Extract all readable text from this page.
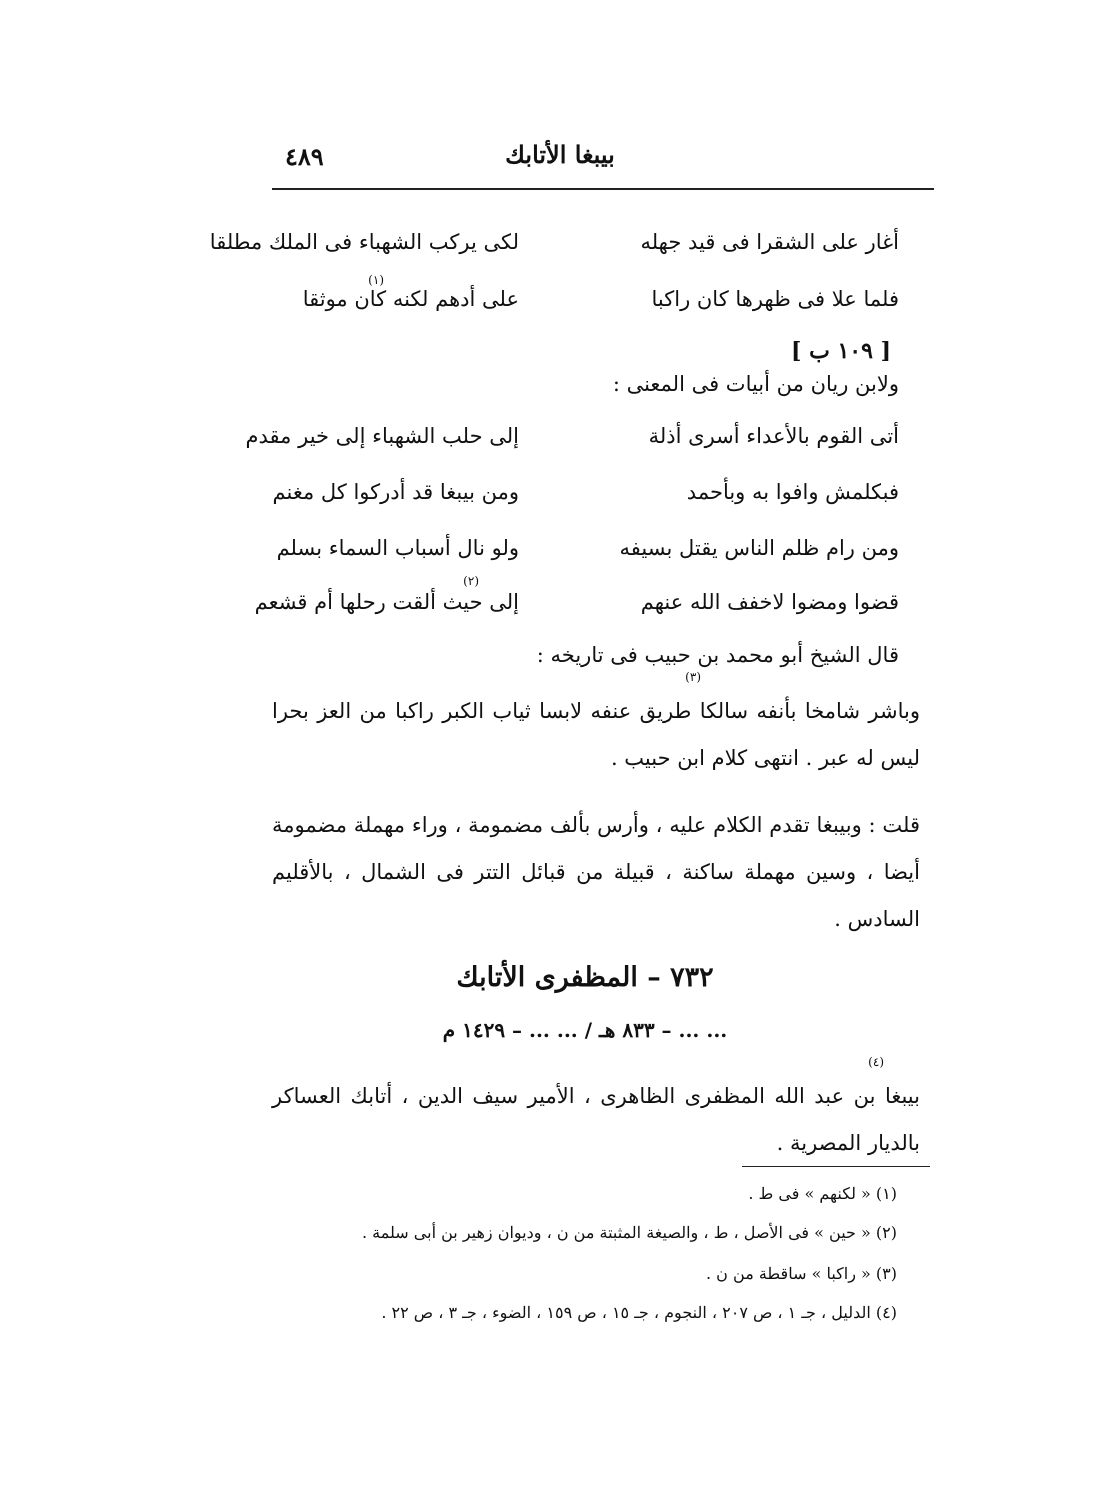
بيبغا الأتابك
٤٨٩
أغار على الشقرا فى قيد جهله
لكى يركب الشهباء فى الملك مطلقا
فلما علا فى ظهرها كان راكبا
على أدهم لكنه كان موثقا
(١)
[ ١٠٩ ب ]
ولابن ريان من أبيات فى المعنى :
أتى القوم بالأعداء أسرى أذلة
إلى حلب الشهباء إلى خير مقدم
فبكلمش وافوا به وبأحمد
ومن بيبغا قد أدركوا كل مغنم
ومن رام ظلم الناس يقتل بسيفه
ولو نال أسباب السماء بسلم
قضوا ومضوا لاخفف الله عنهم
إلى حيث ألقت رحلها أم قشعم
(٢)
قال الشيخ أبو محمد بن حبيب فى تاريخه :
وباشر شامخا بأنفه سالكا طريق عنفه لابسا ثياب الكبر راكبا من العز بحرا ليس له عبر . انتهى كلام ابن حبيب .
(٣)
قلت : وبيبغا تقدم الكلام عليه ، وأرس بألف مضمومة ، وراء مهملة مضمومة أيضا ، وسين مهملة ساكنة ، قبيلة من قبائل التتر فى الشمال ، بالأقليم السادس .
٧٣٢ – المظفرى الأتابك
... ... – ٨٣٣ هـ / ... ... – ١٤٢٩ م
بيبغا بن عبد الله المظفرى الظاهرى ، الأمير سيف الدين ، أتابك العساكر بالديار المصرية .
(٤)
(١) « لكنهم » فى ط .
(٢) « حين » فى الأصل ، ط ، والصيغة المثبتة من ن ، وديوان زهير بن أبى سلمة .
(٣) « راكبا » ساقطة من ن .
(٤) الدليل ، جـ ١ ، ص ٢٠٧ ، النجوم ، جـ ١٥ ، ص ١٥٩ ، الضوء ، جـ ٣ ، ص ٢٢ .
